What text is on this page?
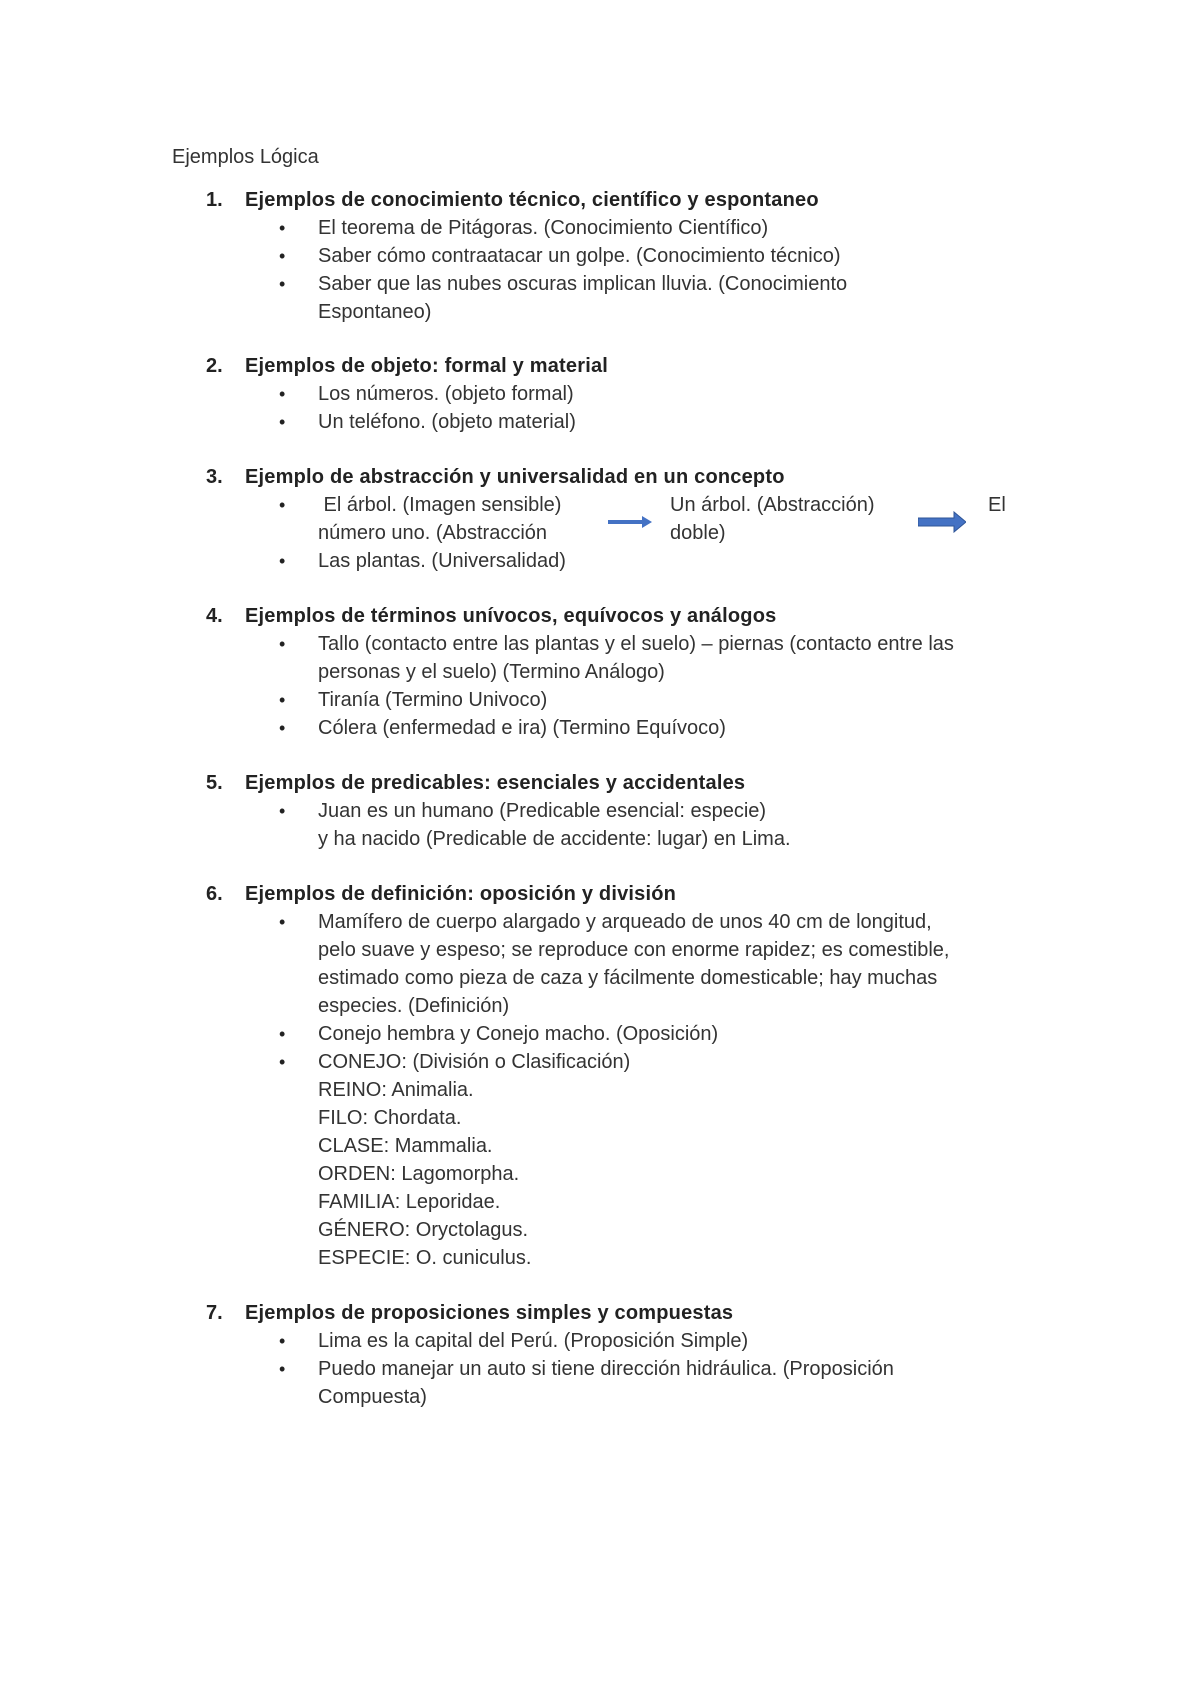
Ejemplos Lógica
1. Ejemplos de conocimiento técnico, científico y espontaneo
• El teorema de Pitágoras. (Conocimiento Científico)
• Saber cómo contraatacar un golpe. (Conocimiento técnico)
• Saber que las nubes oscuras implican lluvia. (Conocimiento
Espontaneo)
2. Ejemplos de objeto: formal y material
• Los números. (objeto formal)
• Un teléfono. (objeto material)
3. Ejemplo de abstracción y universalidad en un concepto
• El árbol. (Imagen sensible)	Un árbol. (Abstracción)	El
número uno. (Abstracción	doble)
• Las plantas. (Universalidad)
4. Ejemplos de términos unívocos, equívocos y análogos
• Tallo (contacto entre las plantas y el suelo) – piernas (contacto entre las
personas y el suelo) (Termino Análogo)
• Tiranía (Termino Univoco)
• Cólera (enfermedad e ira) (Termino Equívoco)
5. Ejemplos de predicables: esenciales y accidentales
• Juan es un humano (Predicable esencial: especie)
y ha nacido (Predicable de accidente: lugar) en Lima.
6. Ejemplos de definición: oposición y división
• Mamífero de cuerpo alargado y arqueado de unos 40 cm de longitud,
pelo suave y espeso; se reproduce con enorme rapidez; es comestible,
estimado como pieza de caza y fácilmente domesticable; hay muchas
especies. (Definición)
• Conejo hembra y Conejo macho. (Oposición)
• CONEJO: (División o Clasificación)
REINO: Animalia.
FILO: Chordata.
CLASE: Mammalia.
ORDEN: Lagomorpha.
FAMILIA: Leporidae.
GÉNERO: Oryctolagus.
ESPECIE: O. cuniculus.
7. Ejemplos de proposiciones simples y compuestas
• Lima es la capital del Perú. (Proposición Simple)
• Puedo manejar un auto si tiene dirección hidráulica. (Proposición
Compuesta)
